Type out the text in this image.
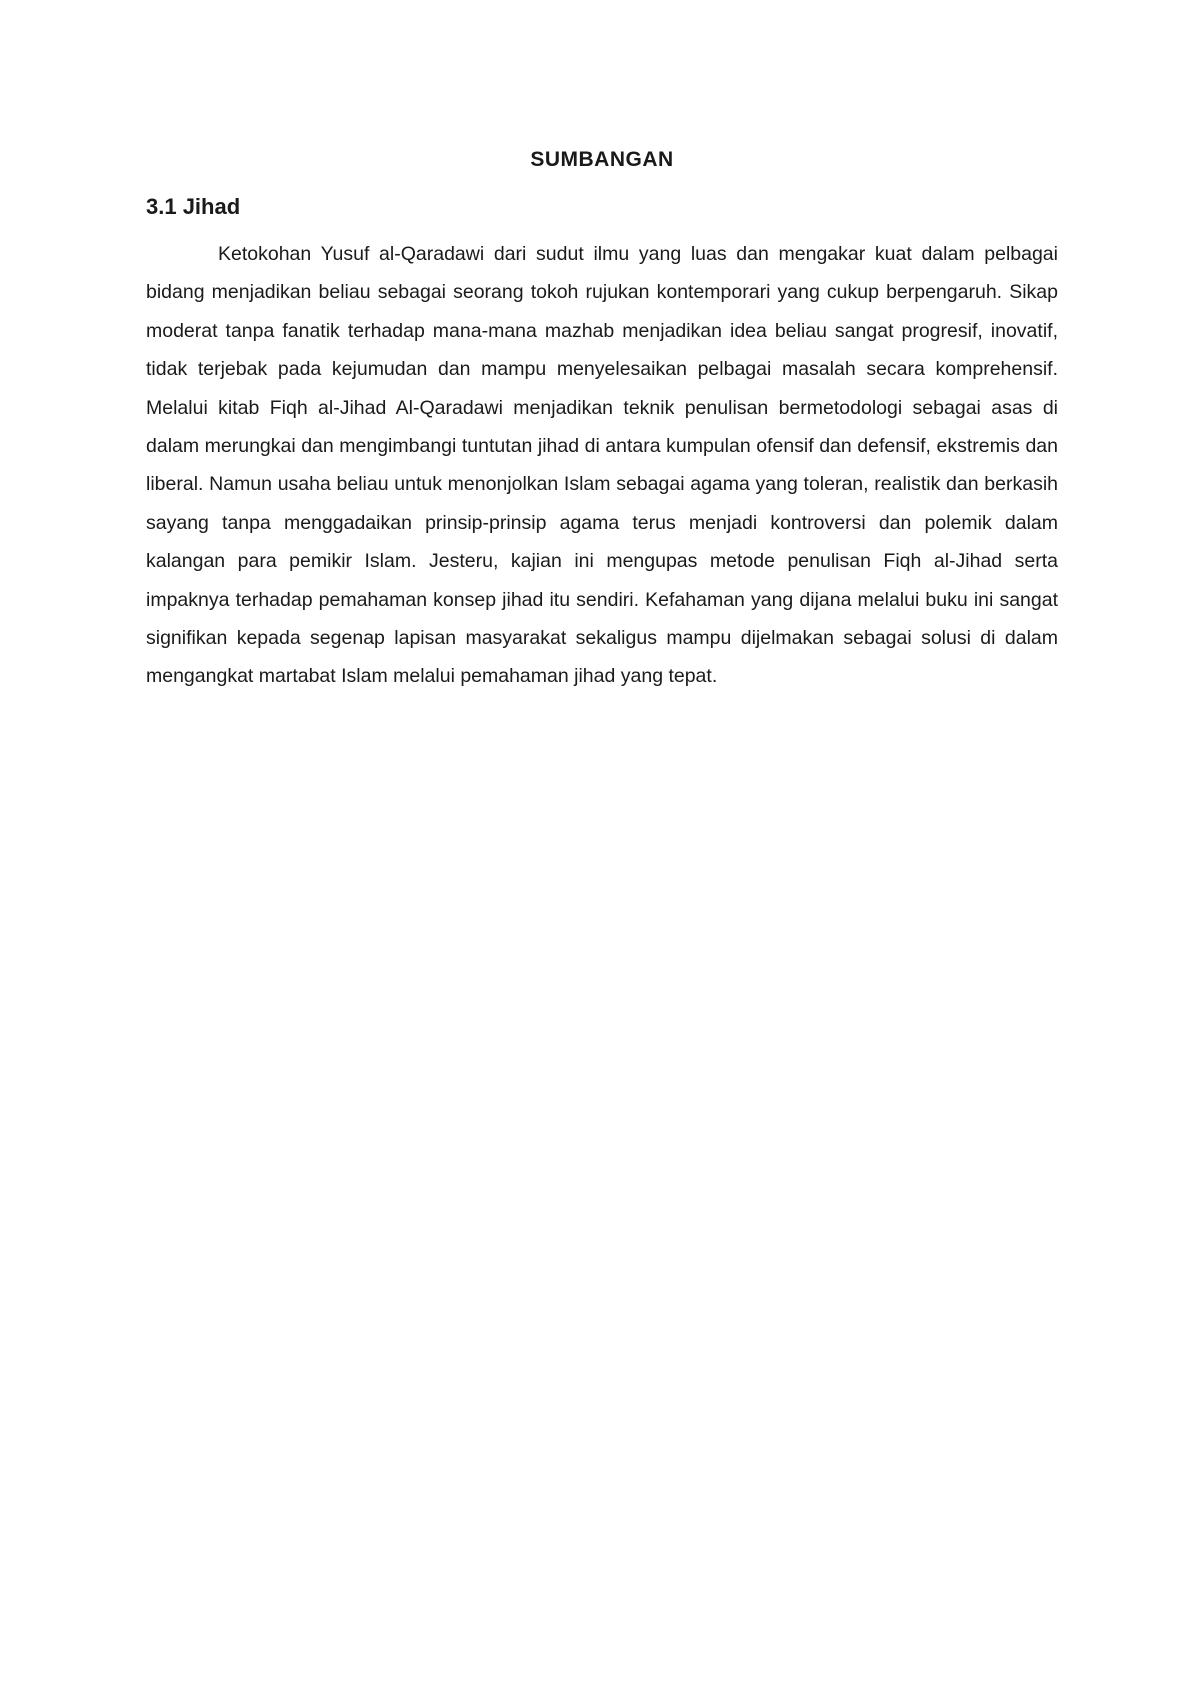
SUMBANGAN
3.1 Jihad

Ketokohan Yusuf al-Qaradawi dari sudut ilmu yang luas dan mengakar kuat dalam pelbagai bidang menjadikan beliau sebagai seorang tokoh rujukan kontemporari yang cukup berpengaruh. Sikap moderat tanpa fanatik terhadap mana-mana mazhab menjadikan idea beliau sangat progresif, inovatif, tidak terjebak pada kejumudan dan mampu menyelesaikan pelbagai masalah secara komprehensif. Melalui kitab Fiqh al-Jihad Al-Qaradawi menjadikan teknik penulisan bermetodologi sebagai asas di dalam merungkai dan mengimbangi tuntutan jihad di antara kumpulan ofensif dan defensif, ekstremis dan liberal. Namun usaha beliau untuk menonjolkan Islam sebagai agama yang toleran, realistik dan berkasih sayang tanpa menggadaikan prinsip-prinsip agama terus menjadi kontroversi dan polemik dalam kalangan para pemikir Islam. Jesteru, kajian ini mengupas metode penulisan Fiqh al-Jihad serta impaknya terhadap pemahaman konsep jihad itu sendiri. Kefahaman yang dijana melalui buku ini sangat signifikan kepada segenap lapisan masyarakat sekaligus mampu dijelmakan sebagai solusi di dalam mengangkat martabat Islam melalui pemahaman jihad yang tepat.
